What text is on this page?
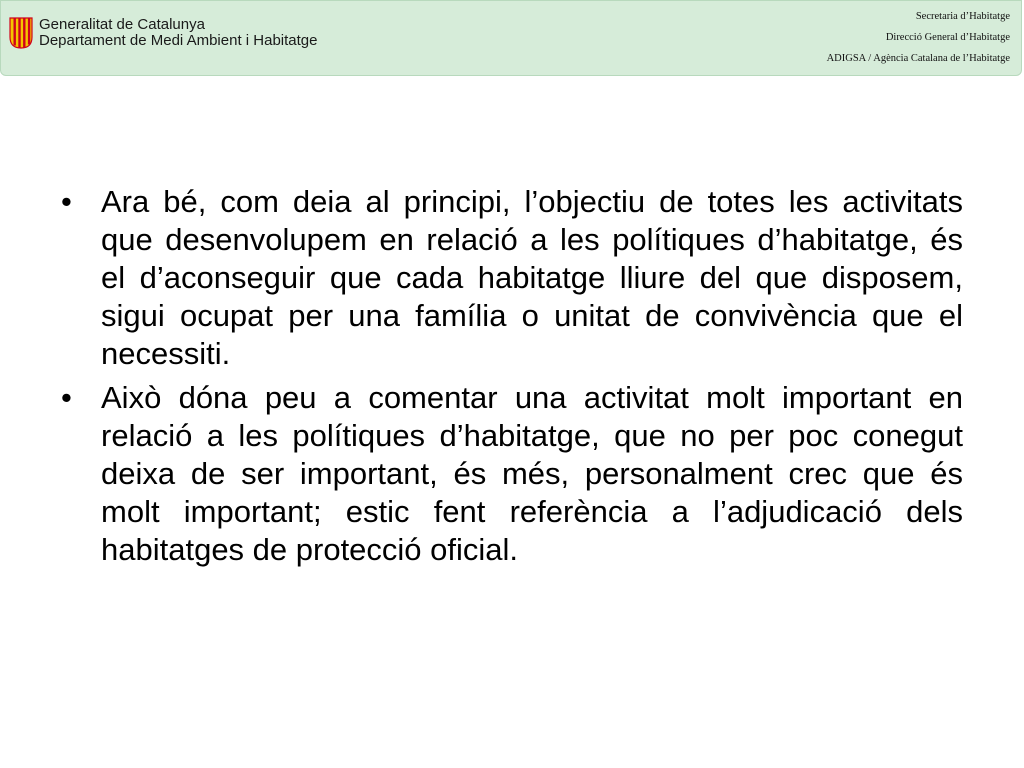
Generalitat de Catalunya
Departament de Medi Ambient i Habitatge
Secretaria d’Habitatge
Direcció General d’Habitatge
ADIGSA / Agència Catalana de l’Habitatge
• Ara bé, com deia al principi, l’objectiu de totes les activitats que desenvolupem en relació a les polítiques d’habitatge, és el d’aconseguir que cada habitatge lliure del que disposem, sigui ocupat per una família o unitat de convivència que el necessiti.

• Això dóna peu a comentar una activitat molt important en relació a les polítiques d’habitatge, que no per poc conegut deixa de ser important, és més, personalment crec que és molt important; estic fent referència a l’adjudicació dels habitatges de protecció oficial.
